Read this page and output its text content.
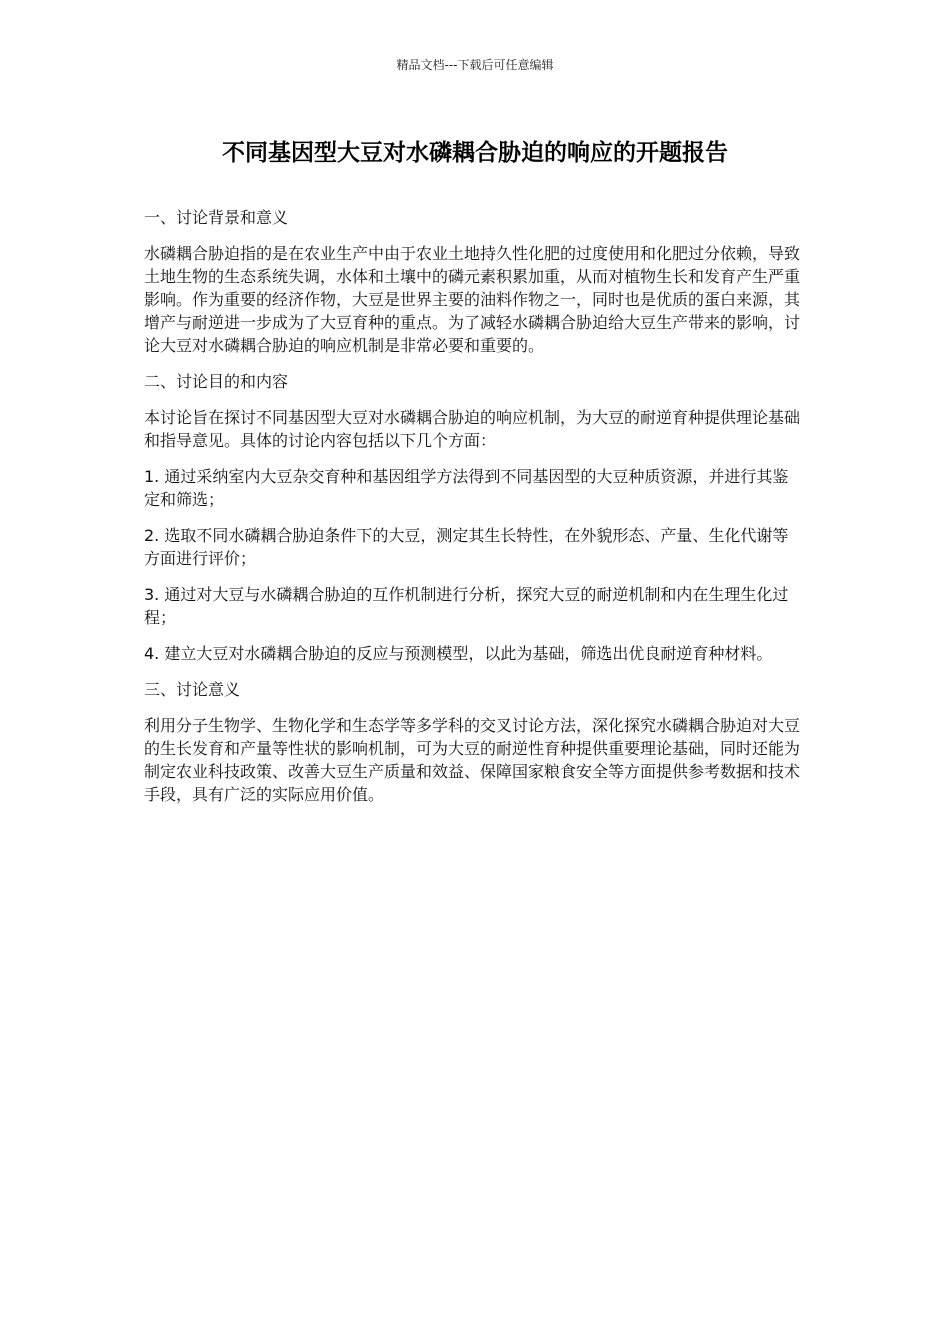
精品文档---下载后可任意编辑
不同基因型大豆对水磷耦合胁迫的响应的开题报告
一、讨论背景和意义

水磷耦合胁迫指的是在农业生产中由于农业土地持久性化肥的过度使用和化肥过分依赖，导致土地生物的生态系统失调，水体和土壤中的磷元素积累加重，从而对植物生长和发育产生严重影响。作为重要的经济作物，大豆是世界主要的油料作物之一，同时也是优质的蛋白来源，其增产与耐逆进一步成为了大豆育种的重点。为了减轻水磷耦合胁迫给大豆生产带来的影响，讨论大豆对水磷耦合胁迫的响应机制是非常必要和重要的。

二、讨论目的和内容

本讨论旨在探讨不同基因型大豆对水磷耦合胁迫的响应机制，为大豆的耐逆育种提供理论基础和指导意见。具体的讨论内容包括以下几个方面：

1. 通过采纳室内大豆杂交育种和基因组学方法得到不同基因型的大豆种质资源，并进行其鉴定和筛选；
2. 选取不同水磷耦合胁迫条件下的大豆，测定其生长特性，在外貌形态、产量、生化代谢等方面进行评价；
3. 通过对大豆与水磷耦合胁迫的互作机制进行分析，探究大豆的耐逆机制和内在生理生化过程；
4. 建立大豆对水磷耦合胁迫的反应与预测模型，以此为基础，筛选出优良耐逆育种材料。
三、讨论意义

利用分子生物学、生物化学和生态学等多学科的交叉讨论方法，深化探究水磷耦合胁迫对大豆的生长发育和产量等性状的影响机制，可为大豆的耐逆性育种提供重要理论基础，同时还能为制定农业科技政策、改善大豆生产质量和效益、保障国家粮食安全等方面提供参考数据和技术手段，具有广泛的实际应用价值。
